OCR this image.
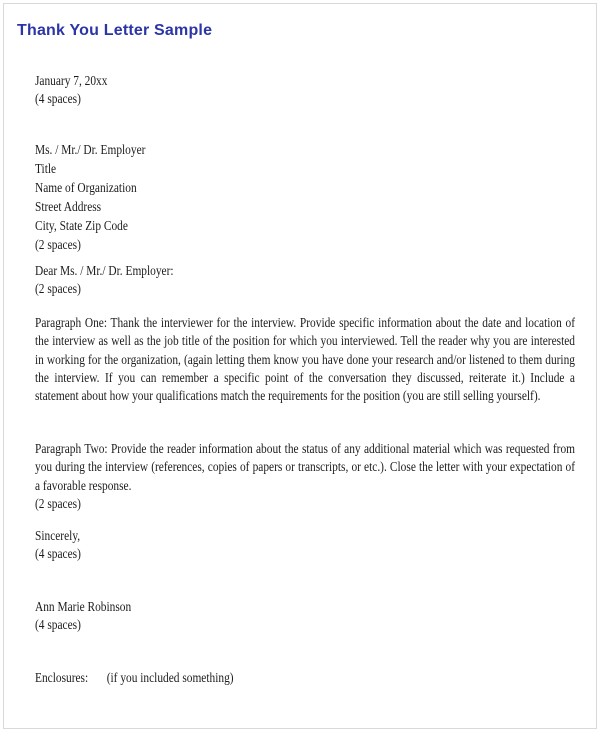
Thank You Letter Sample
January 7, 20xx
(4 spaces)
Ms. / Mr./ Dr. Employer
Title
Name of Organization
Street Address
City, State Zip Code
(2 spaces)
Dear Ms. / Mr./ Dr. Employer:
(2 spaces)
Paragraph One: Thank the interviewer for the interview. Provide specific information about the date and location of the interview as well as the job title of the position for which you interviewed. Tell the reader why you are interested in working for the organization, (again letting them know you have done your research and/or listened to them during the interview. If you can remember a specific point of the conversation they discussed, reiterate it.) Include a statement about how your qualifications match the requirements for the position (you are still selling yourself).
Paragraph Two: Provide the reader information about the status of any additional material which was requested from you during the interview (references, copies of papers or transcripts, or etc.). Close the letter with your expectation of a favorable response.
(2 spaces)
Sincerely,
(4 spaces)
Ann Marie Robinson
(4 spaces)
Enclosures: (if you included something)
